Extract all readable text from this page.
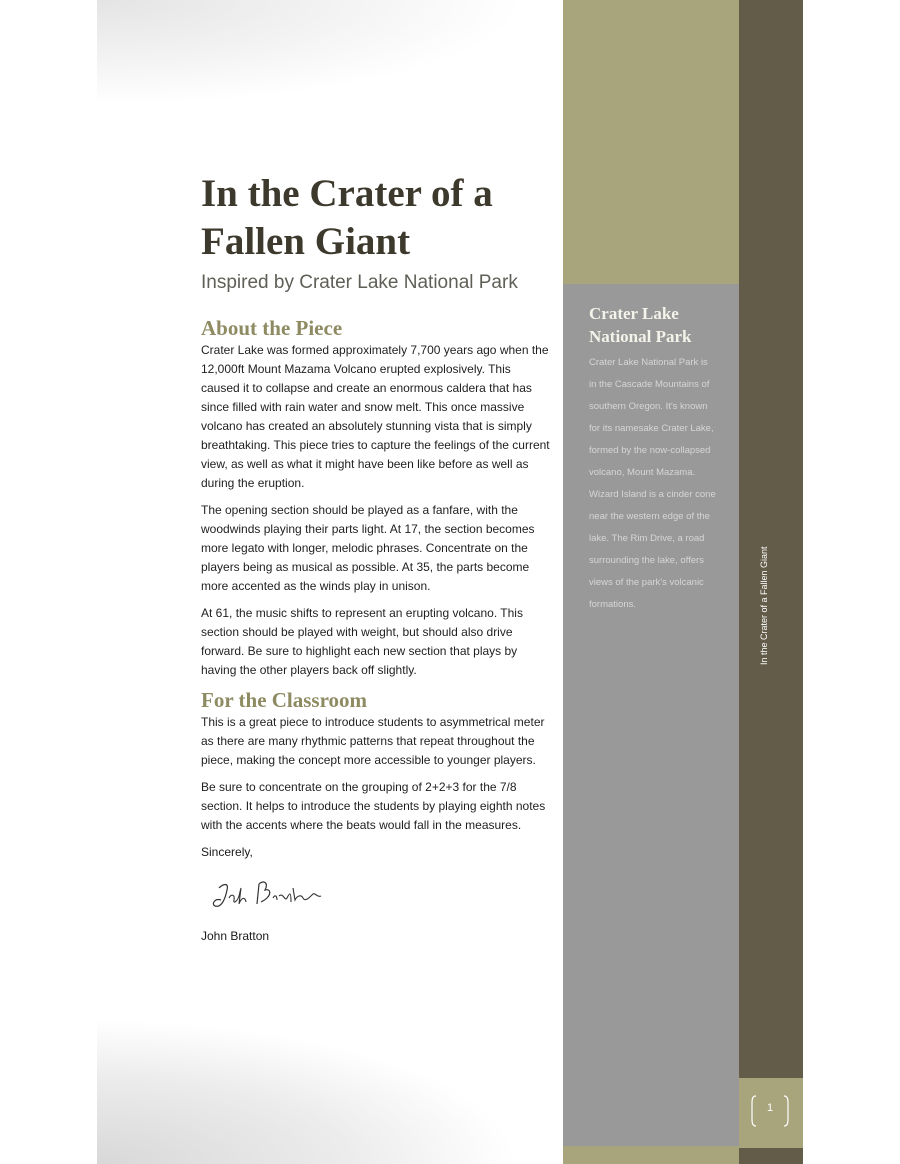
In the Crater of a
Fallen Giant

Inspired by Crater Lake National Park

About the Piece

Crater Lake was formed approximately 7,700 years ago when the 12,000ft Mount Mazama Volcano erupted explosively. This caused it to collapse and create an enormous caldera that has since filled with rain water and snow melt. This once massive volcano has created an absolutely stunning vista that is simply breathtaking. This piece tries to capture the feelings of the current view, as well as what it might have been like before as well as during the eruption.

The opening section should be played as a fanfare, with the woodwinds playing their parts light. At 17, the section becomes more legato with longer, melodic phrases. Concentrate on the players being as musical as possible. At 35, the parts become more accented as the winds play in unison.

At 61, the music shifts to represent an erupting volcano. This section should be played with weight, but should also drive forward. Be sure to highlight each new section that plays by having the other players back off slightly.

For the Classroom

This is a great piece to introduce students to asymmetrical meter as there are many rhythmic patterns that repeat throughout the piece, making the concept more accessible to younger players.

Be sure to concentrate on the grouping of 2+2+3 for the 7/8 section. It helps to introduce the students by playing eighth notes with the accents where the beats would fall in the measures.

Sincerely,

John Bratton

Crater Lake National Park

Crater Lake National Park is in the Cascade Mountains of southern Oregon. It's known for its namesake Crater Lake, formed by the now-collapsed volcano, Mount Mazama. Wizard Island is a cinder cone near the western edge of the lake. The Rim Drive, a road surrounding the lake, offers views of the park's volcanic formations.	In the Crater of a Fallen Giant

1
